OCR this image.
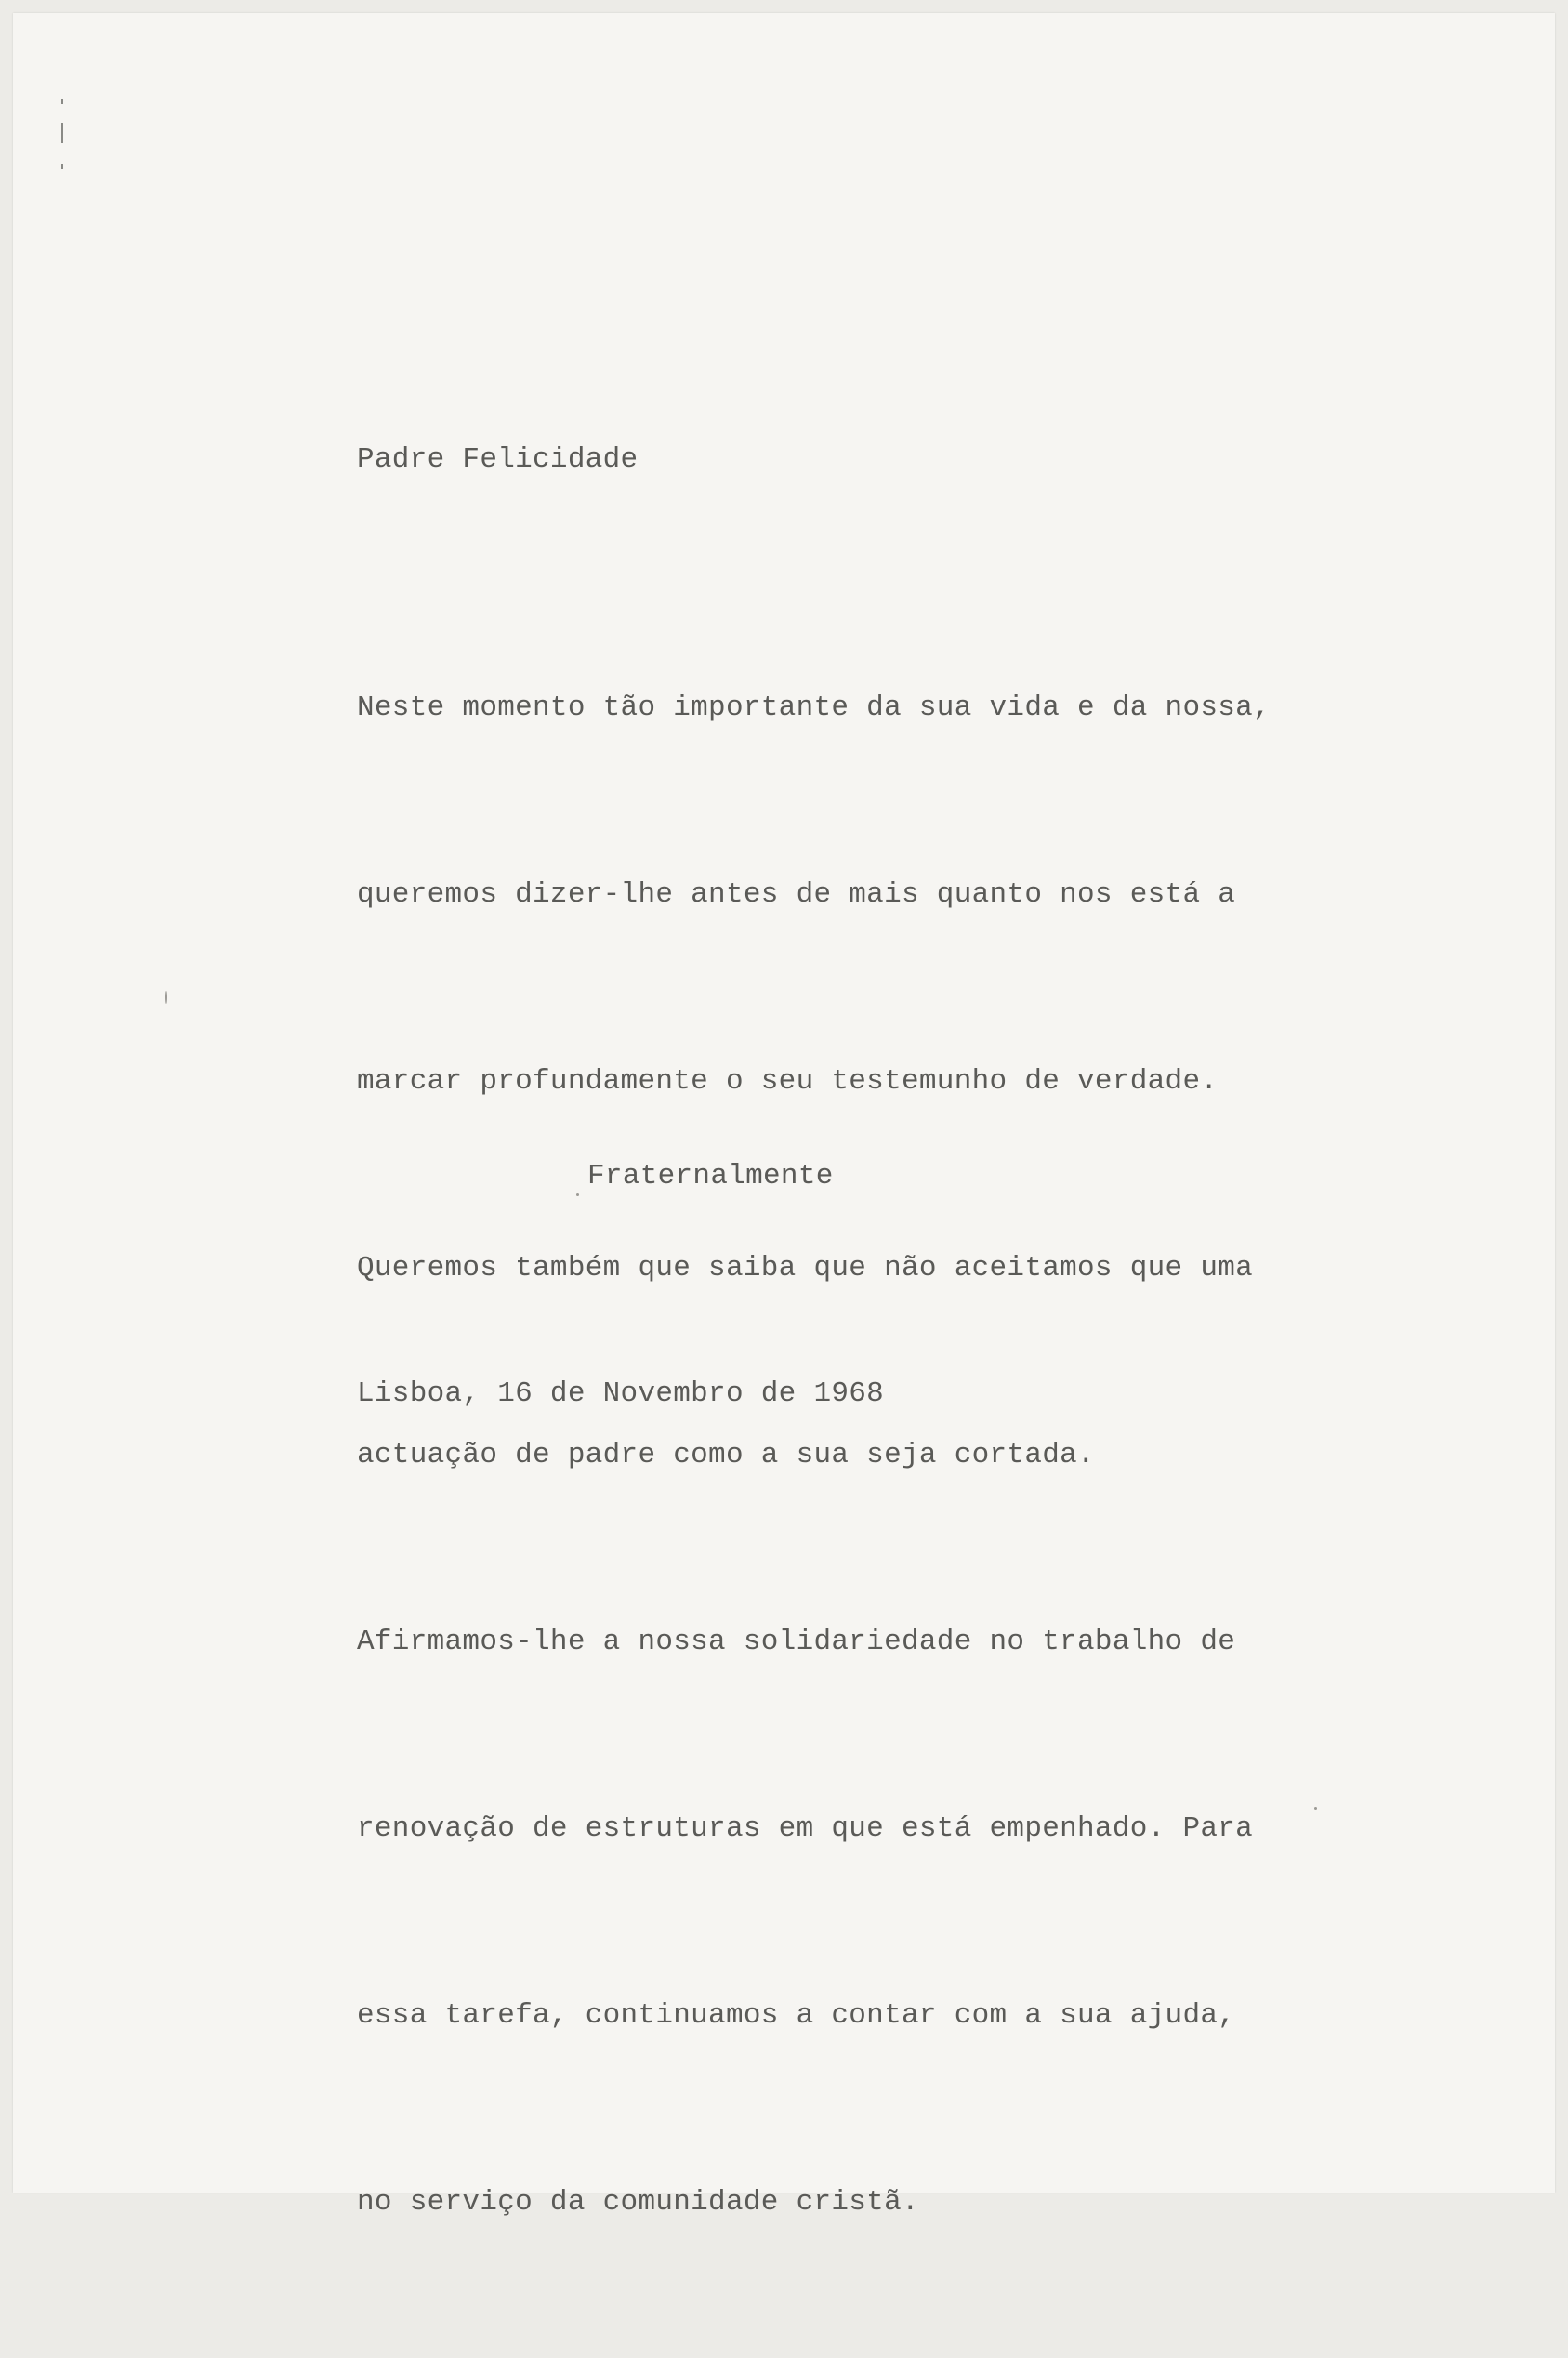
Padre Felicidade

Neste momento tão importante da sua vida e da nossa,

queremos dizer-lhe antes de mais quanto nos está a

marcar profundamente o seu testemunho de verdade.

Queremos também que saiba que não aceitamos que uma

actuação de padre como a sua seja cortada.

Afirmamos-lhe a nossa solidariedade no trabalho de

renovação de estruturas em que está empenhado. Para

essa tarefa, continuamos a contar com a sua ajuda,

no serviço da comunidade cristã.

Fraternalmente

Lisboa, 16 de Novembro de 1968
